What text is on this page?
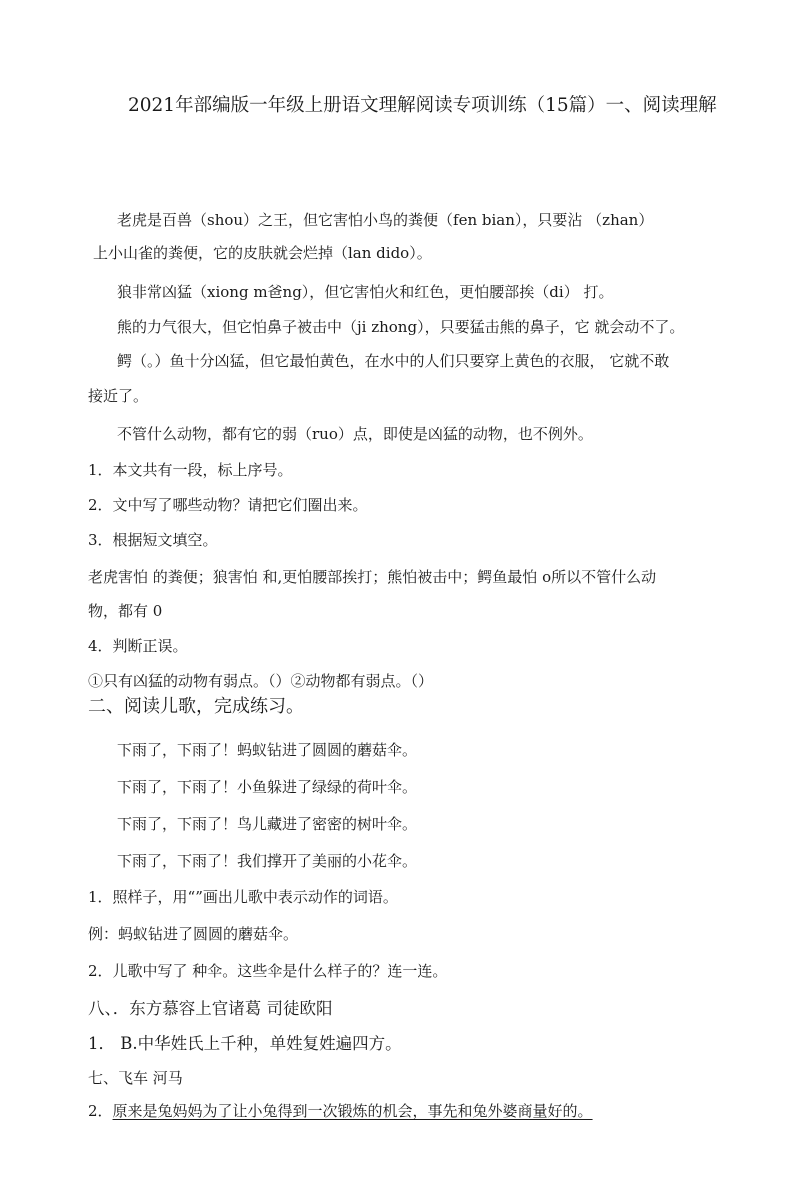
2021年部编版一年级上册语文理解阅读专项训练（15篇）一、阅读理解
老虎是百兽（shou）之王，但它害怕小鸟的粪便（fen bian），只要沾 （zhan）
上小山雀的粪便，它的皮肤就会烂掉（lan dido）。
狼非常凶猛（xiong m爸ng），但它害怕火和红色，更怕腰部挨（di） 打。
熊的力气很大，但它怕鼻子被击中（ji zhong），只要猛击熊的鼻子，它 就会动不了。
鳄（。）鱼十分凶猛，但它最怕黄色，在水中的人们只要穿上黄色的衣服， 它就不敢
接近了。
不管什么动物，都有它的弱（ruo）点，即使是凶猛的动物，也不例外。
1．本文共有一段，标上序号。
2．文中写了哪些动物？请把它们圈出来。
3．根据短文填空。
老虎害怕 的粪便；狼害怕 和,更怕腰部挨打；熊怕被击中；鳄鱼最怕 o所以不管什么动
物，都有 0
4．判断正误。
①只有凶猛的动物有弱点。（）②动物都有弱点。（）
二、阅读儿歌，完成练习。
下雨了，下雨了！蚂蚁钻进了圆圆的蘑菇伞。
下雨了，下雨了！小鱼躲进了绿绿的荷叶伞。
下雨了，下雨了！鸟儿藏进了密密的树叶伞。
下雨了，下雨了！我们撑开了美丽的小花伞。
1．照样子，用“”画出儿歌中表示动作的词语。
例：蚂蚁钻进了圆圆的蘑菇伞。
2．儿歌中写了 种伞。这些伞是什么样子的？连一连。
八、．东方慕容上官诸葛 司徒欧阳
1． B.中华姓氏上千种，单姓复姓遍四方。
七、飞车 河马
2．原来是兔妈妈为了让小兔得到一次锻炼的机会，事先和兔外婆商量好的。
